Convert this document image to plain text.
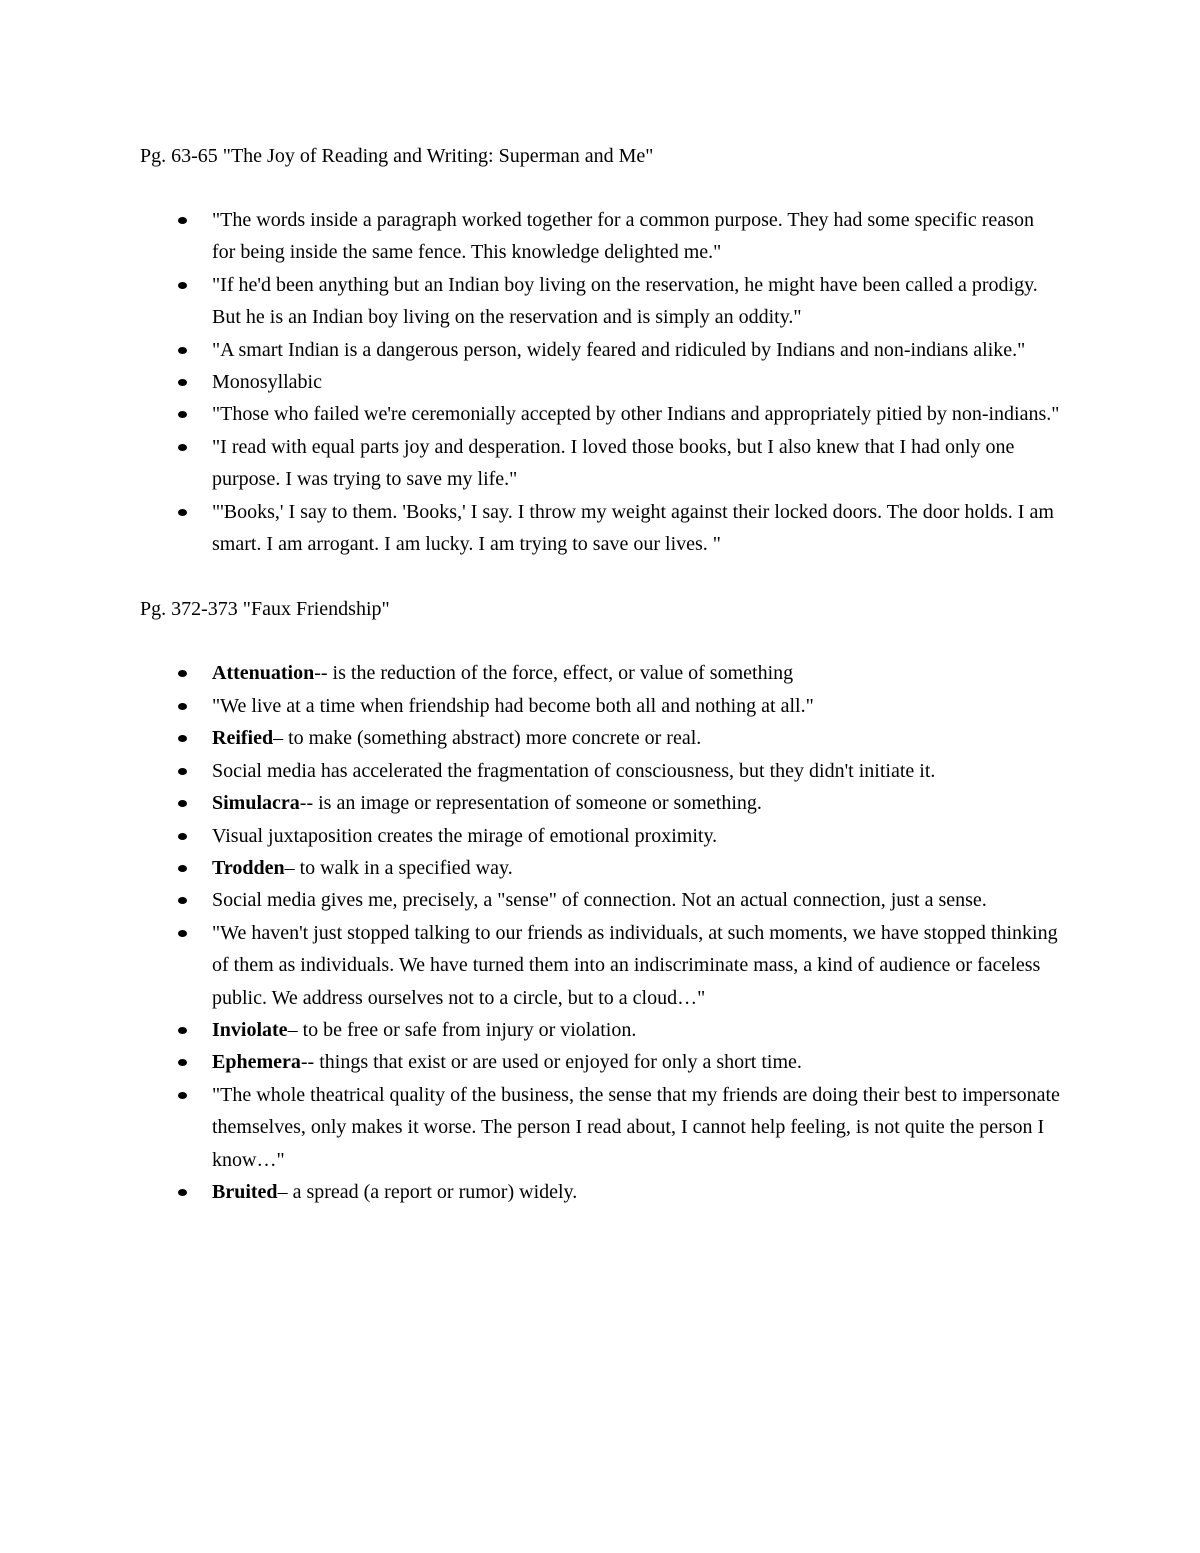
Pg. 63-65 "The Joy of Reading and Writing: Superman and Me"

"The words inside a paragraph worked together for a common purpose. They had some specific reason for being inside the same fence. This knowledge delighted me."
"If he'd been anything but an Indian boy living on the reservation, he might have been called a prodigy. But he is an Indian boy living on the reservation and is simply an oddity."
"A smart Indian is a dangerous person, widely feared and ridiculed by Indians and non-indians alike."
Monosyllabic
"Those who failed we're ceremonially accepted by other Indians and appropriately pitied by non-indians."
"I read with equal parts joy and desperation. I loved those books, but I also knew that I had only one purpose. I was trying to save my life."
"'Books,' I say to them. 'Books,' I say. I throw my weight against their locked doors. The door holds. I am smart. I am arrogant. I am lucky. I am trying to save our lives. "

Pg. 372-373 "Faux Friendship"

Attenuation-- is the reduction of the force, effect, or value of something
"We live at a time when friendship had become both all and nothing at all."
Reified– to make (something abstract) more concrete or real.
Social media has accelerated the fragmentation of consciousness, but they didn't initiate it.
Simulacra-- is an image or representation of someone or something.
Visual juxtaposition creates the mirage of emotional proximity.
Trodden– to walk in a specified way.
Social media gives me, precisely, a "sense" of connection. Not an actual connection, just a sense.
"We haven't just stopped talking to our friends as individuals, at such moments, we have stopped thinking of them as individuals. We have turned them into an indiscriminate mass, a kind of audience or faceless public. We address ourselves not to a circle, but to a cloud…"
Inviolate– to be free or safe from injury or violation.
Ephemera-- things that exist or are used or enjoyed for only a short time.
"The whole theatrical quality of the business, the sense that my friends are doing their best to impersonate themselves, only makes it worse. The person I read about, I cannot help feeling, is not quite the person I know…"
Bruited– a spread (a report or rumor) widely.
